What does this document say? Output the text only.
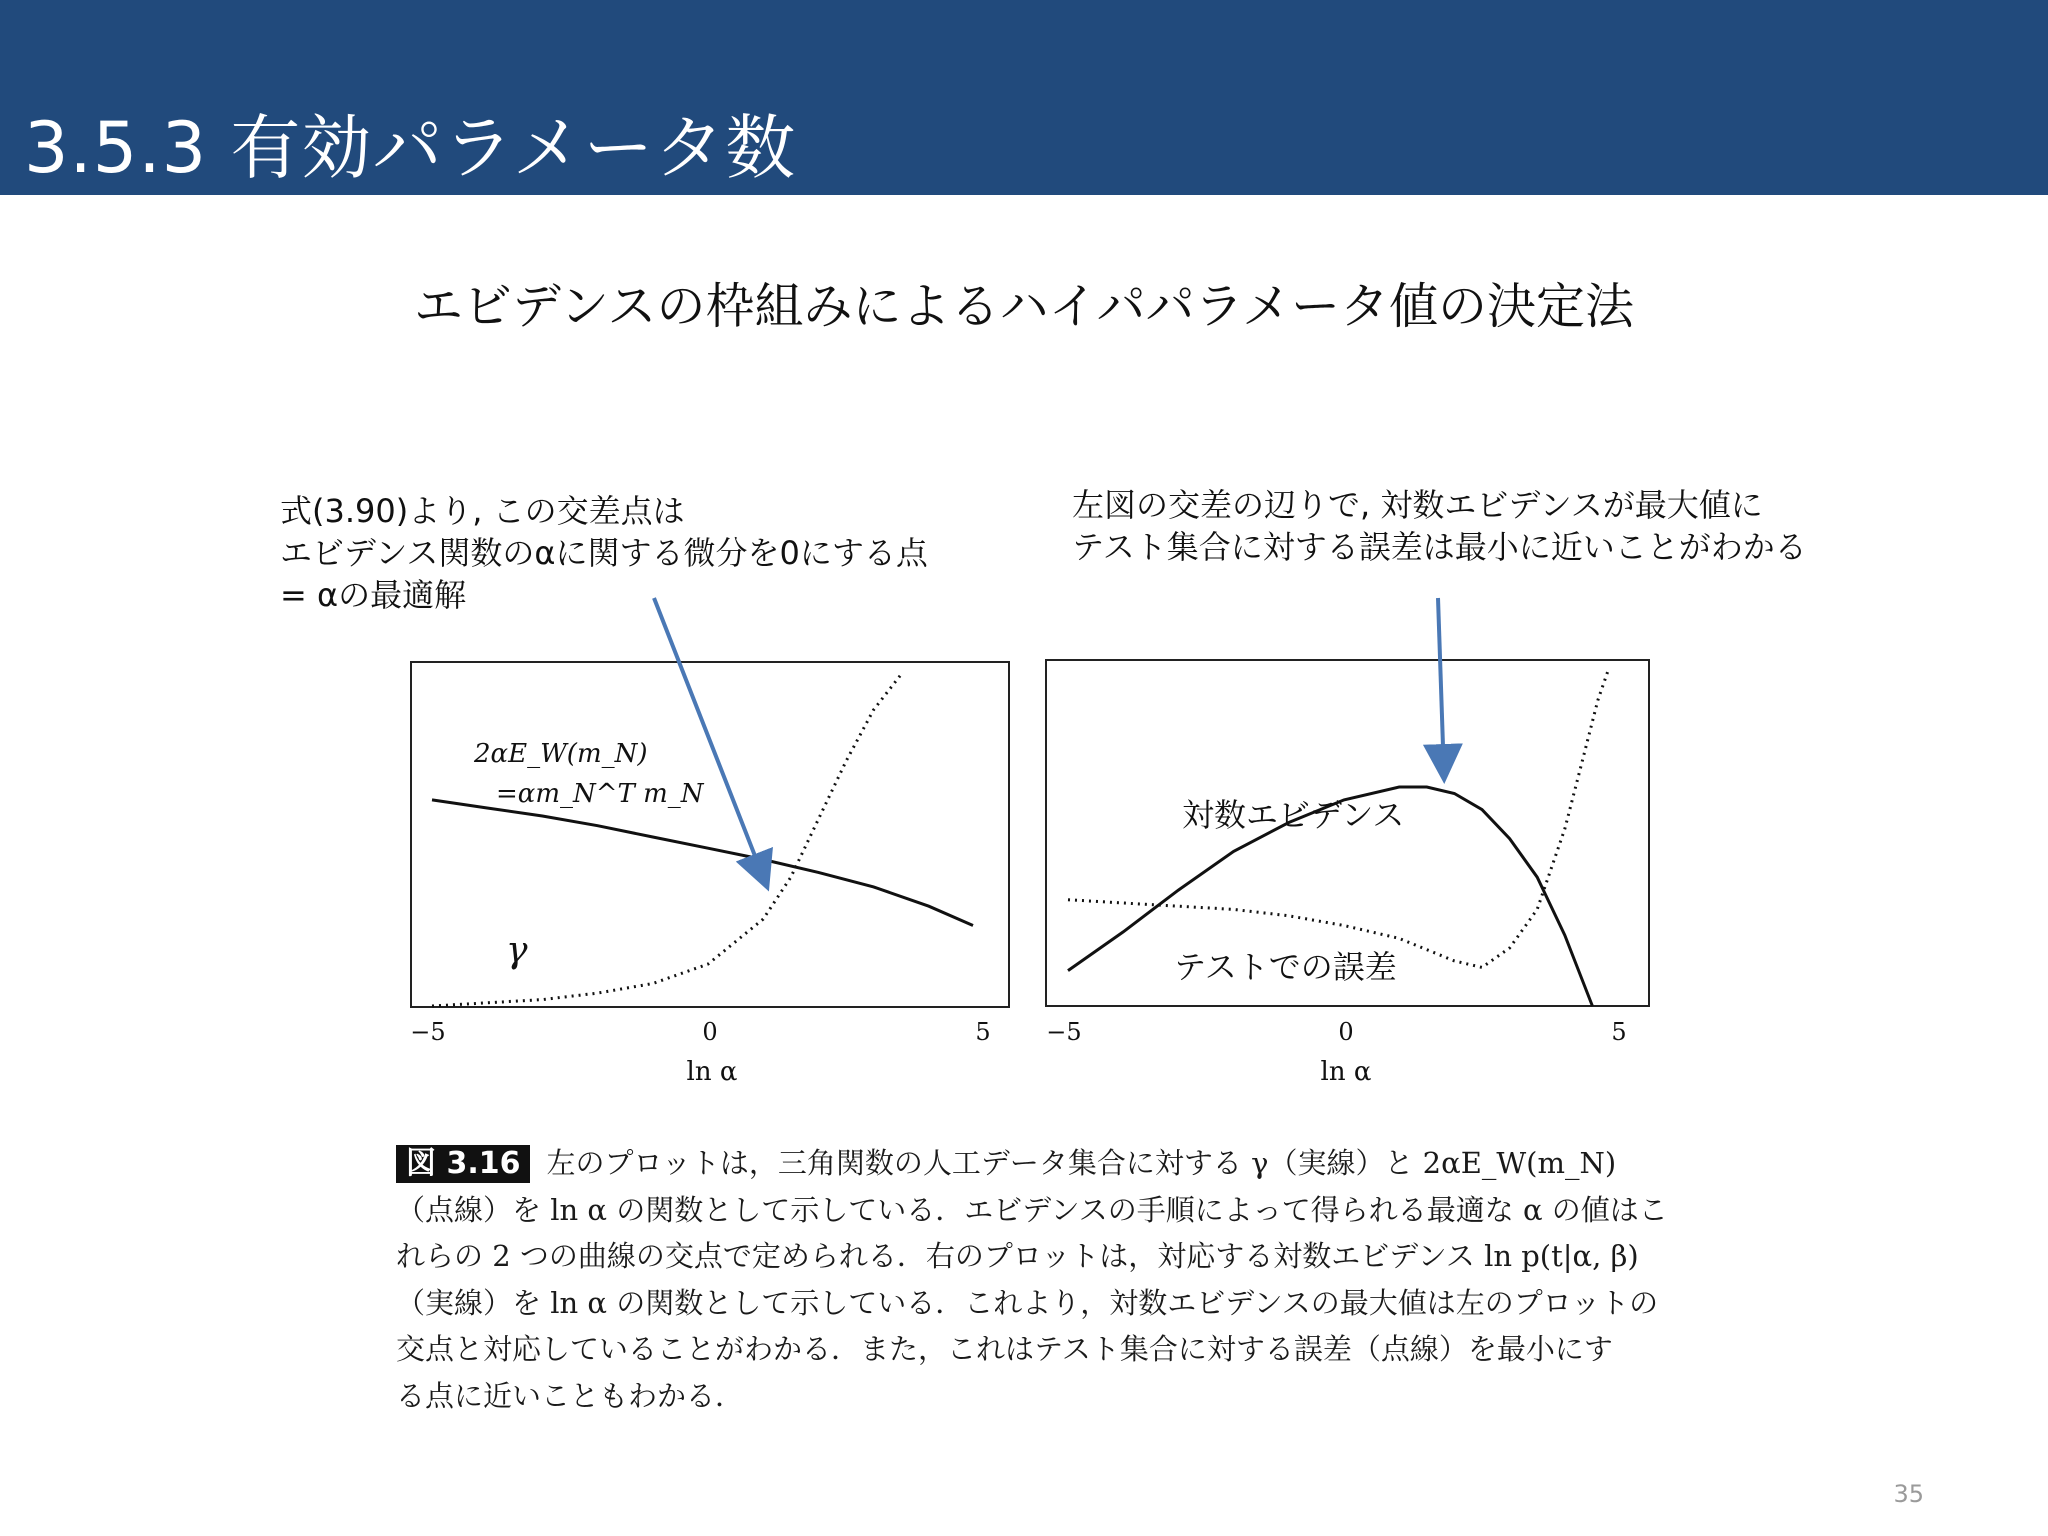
3.5.3 有効パラメータ数
エビデンスの枠組みによるハイパパラメータ値の決定法
式(3.90)より, この交差点は
エビデンス関数のαに関する微分を0にする点
= αの最適解
左図の交差の辺りで, 対数エビデンスが最大値に
テスト集合に対する誤差は最小に近いことがわかる
2αE_W(m_N)
=αm_N^T m_N
γ
−5	0	5
ln α
対数エビデンス
テストでの誤差
−5	0	5
ln α
図 3.16 左のプロットは，三角関数の人工データ集合に対する γ（実線）と 2αE_W(m_N)
（点線）を ln α の関数として示している．エビデンスの手順によって得られる最適な α の値はこ
れらの 2 つの曲線の交点で定められる．右のプロットは，対応する対数エビデンス ln p(t|α, β)
（実線）を ln α の関数として示している．これより，対数エビデンスの最大値は左のプロットの
交点と対応していることがわかる．また，これはテスト集合に対する誤差（点線）を最小にす
る点に近いこともわかる．
35
